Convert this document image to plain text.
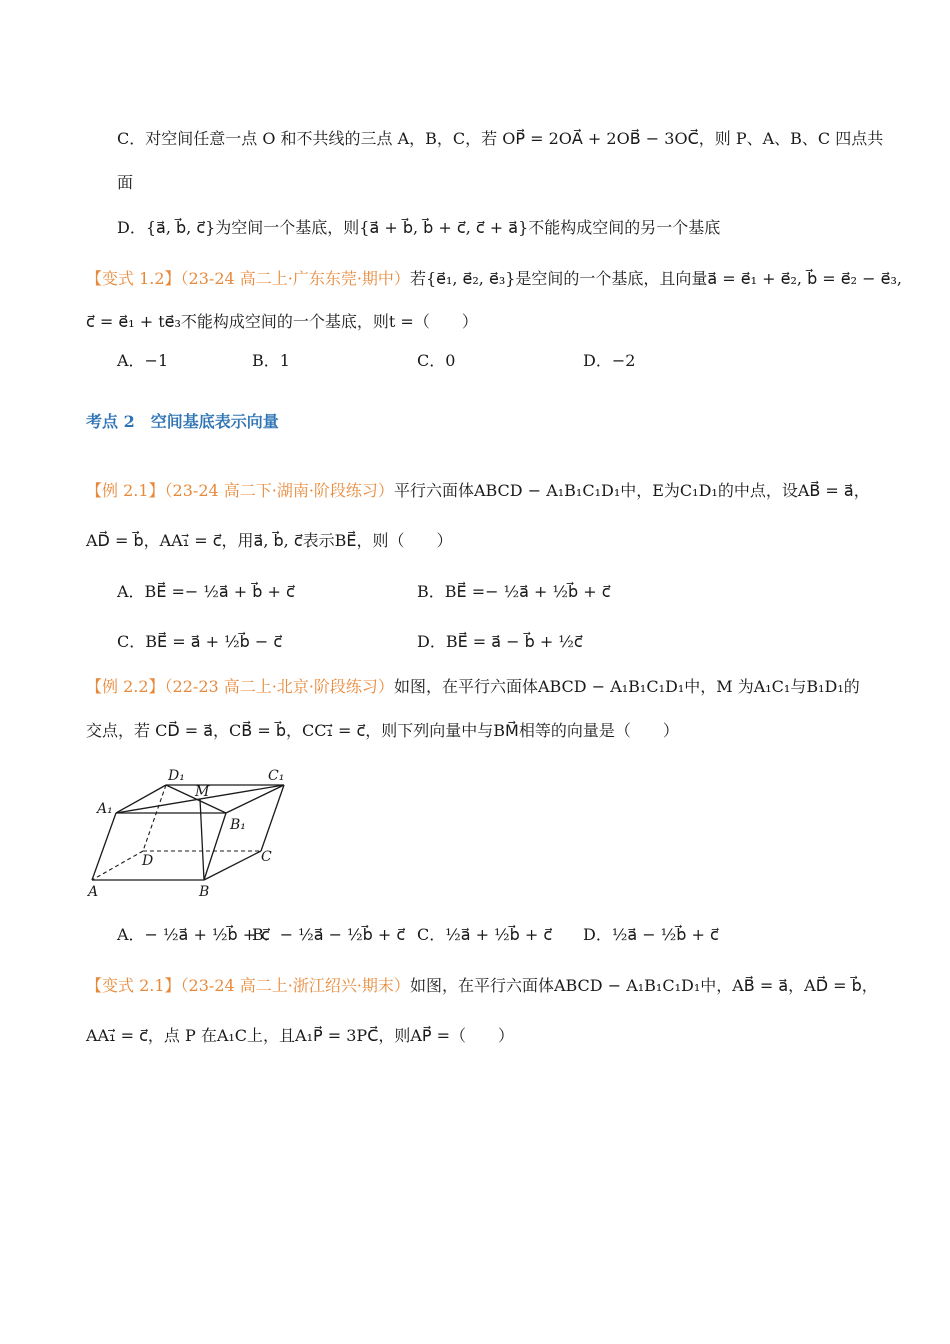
C．对空间任意一点 O 和不共线的三点 A，B，C，若 OP⃗ = 2OA⃗ + 2OB⃗ − 3OC⃗，则 P、A、B、C 四点共
面
D．{a⃗, b⃗, c⃗}为空间一个基底，则{a⃗ + b⃗, b⃗ + c⃗, c⃗ + a⃗}不能构成空间的另一个基底
【变式 1.2】（23-24 高二上·广东东莞·期中）若{e⃗₁, e⃗₂, e⃗₃}是空间的一个基底，且向量a⃗ = e⃗₁ + e⃗₂, b⃗ = e⃗₂ − e⃗₃,
c⃗ = e⃗₁ + te⃗₃不能构成空间的一个基底，则t =（　　）
A．−1	B．1	C．0	D．−2
考点 2　空间基底表示向量
【例 2.1】（23-24 高二下·湖南·阶段练习）平行六面体ABCD − A₁B₁C₁D₁中，E为C₁D₁的中点，设AB⃗ = a⃗，
AD⃗ = b⃗，AA₁⃗ = c⃗，用a⃗, b⃗, c⃗表示BE⃗，则（　　）
A．BE⃗ =− ½a⃗ + b⃗ + c⃗	B．BE⃗ =− ½a⃗ + ½b⃗ + c⃗
C．BE⃗ = a⃗ + ½b⃗ − c⃗	D．BE⃗ = a⃗ − b⃗ + ½c⃗
【例 2.2】（22-23 高二上·北京·阶段练习）如图，在平行六面体ABCD − A₁B₁C₁D₁中，M 为A₁C₁与B₁D₁的
交点，若 CD⃗ = a⃗，CB⃗ = b⃗，CC₁⃗ = c⃗，则下列向量中与BM⃗相等的向量是（　　）
D₁	C₁
M
A₁
B₁
D	C
A	B
A．− ½a⃗ + ½b⃗ + c⃗
B．− ½a⃗ − ½b⃗ + c⃗ C．½a⃗ + ½b⃗ + c⃗ D．½a⃗ − ½b⃗ + c⃗
【变式 2.1】（23-24 高二上·浙江绍兴·期末）如图，在平行六面体ABCD − A₁B₁C₁D₁中，AB⃗ = a⃗，AD⃗ = b⃗，
AA₁⃗ = c⃗，点 P 在A₁C上，且A₁P⃗ = 3PC⃗，则AP⃗ =（　　）
